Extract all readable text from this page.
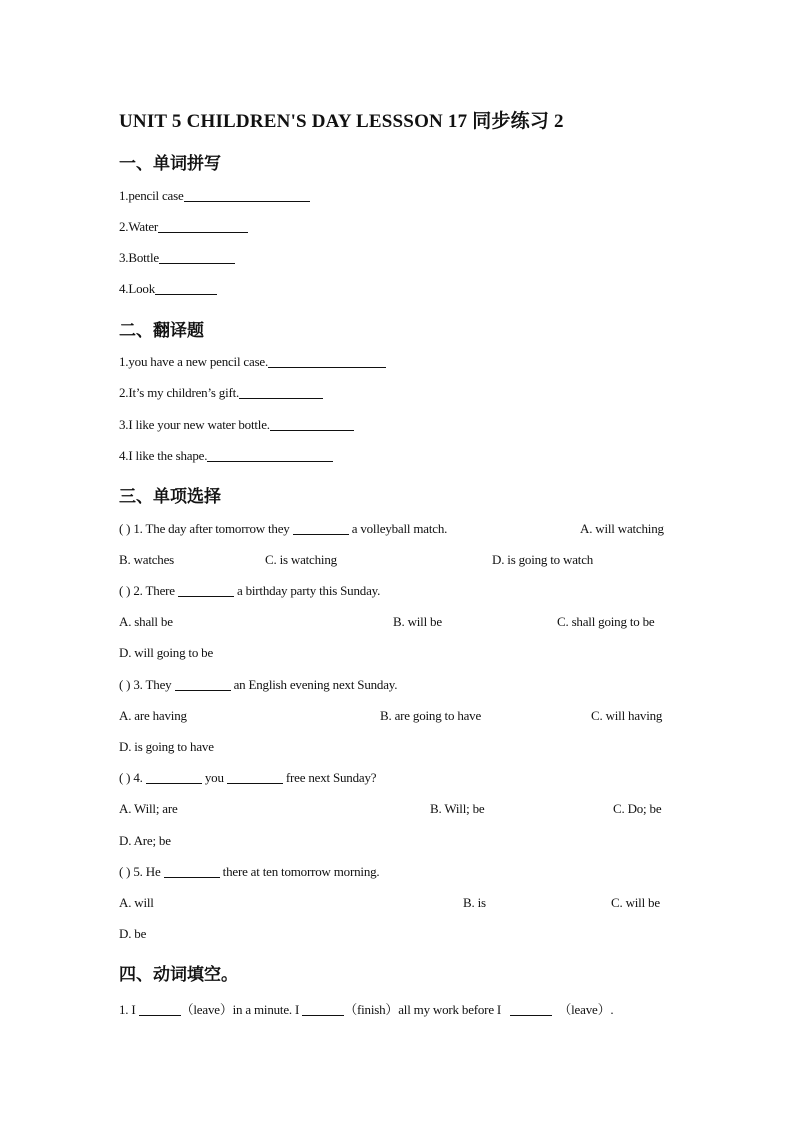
UNIT 5 CHILDREN'S DAY LESSSON 17 同步练习 2
一、单词拼写
1.pencil case
2.Water
3.Bottle
4.Look
二、翻译题
1.you have a new pencil case.
2.It’s my children’s gift.
3.I like your new water bottle.
4.I like the shape.
三、单项选择
( ) 1. The day after tomorrow they	a volleyball match.	A. will watching
B. watches	C. is watching	D. is going to watch
( ) 2. There	a birthday party this Sunday.
A. shall be	B. will be	C. shall going to be
D. will going to be
( ) 3. They	an English evening next Sunday.
A. are having	B. are going to have	C. will having
D. is going to have
( ) 4.	you	free next Sunday?
A. Will; are	B. Will; be	C. Do; be
D. Are; be
( ) 5. He	there at ten tomorrow morning.
A. will	B. is	C. will be
D. be
四、动词填空。
1. I	（leave）in a minute. I	（finish）all my work before I	（leave）.
